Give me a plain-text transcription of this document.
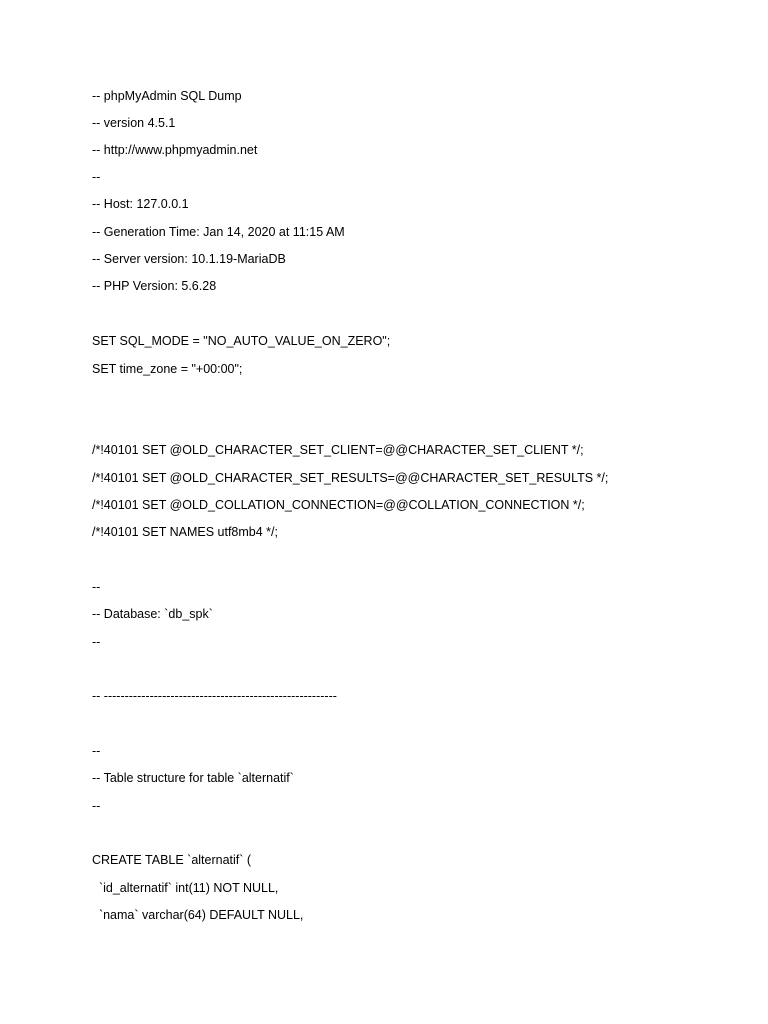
-- phpMyAdmin SQL Dump
-- version 4.5.1
-- http://www.phpmyadmin.net
--
-- Host: 127.0.0.1
-- Generation Time: Jan 14, 2020 at 11:15 AM
-- Server version: 10.1.19-MariaDB
-- PHP Version: 5.6.28
SET SQL_MODE = "NO_AUTO_VALUE_ON_ZERO";
SET time_zone = "+00:00";
/*!40101 SET @OLD_CHARACTER_SET_CLIENT=@@CHARACTER_SET_CLIENT */;
/*!40101 SET @OLD_CHARACTER_SET_RESULTS=@@CHARACTER_SET_RESULTS */;
/*!40101 SET @OLD_COLLATION_CONNECTION=@@COLLATION_CONNECTION */;
/*!40101 SET NAMES utf8mb4 */;
--
-- Database: `db_spk`
--
-- --------------------------------------------------------
--
-- Table structure for table `alternatif`
--
CREATE TABLE `alternatif` (
`id_alternatif` int(11) NOT NULL,
`nama` varchar(64) DEFAULT NULL,
